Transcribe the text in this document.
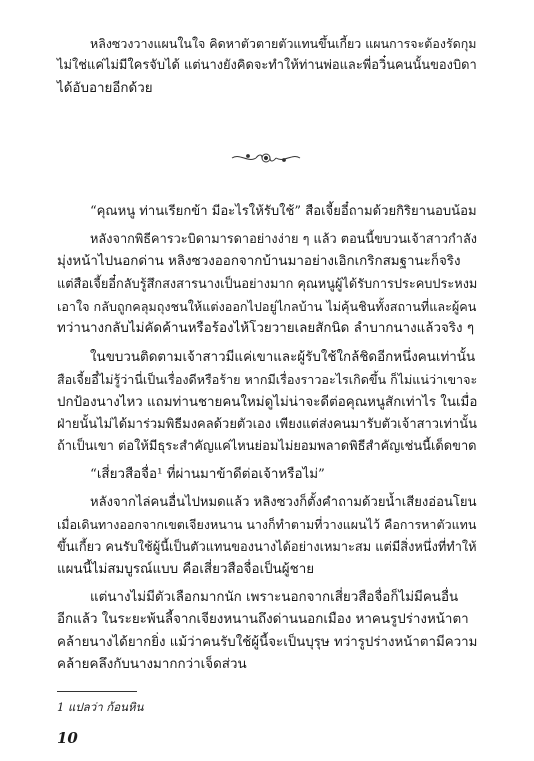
หลิงซวงวางแผนในใจ คิดหาตัวตายตัวแทนขึ้นเกี้ยว แผนการจะต้องรัดกุม
ไม่ใช่แค่ไม่มีใครจับได้ แต่นางยังคิดจะทำให้ท่านพ่อและพี่อวิ๋นคนนั้นของบิดา
ได้อับอายอีกด้วย
“คุณหนู ท่านเรียกข้า มีอะไรให้รับใช้” สือเจี้ยอี๋ถามด้วยกิริยานอบน้อม
หลังจากพิธีคารวะบิดามารดาอย่างง่าย ๆ แล้ว ตอนนี้ขบวนเจ้าสาวกำลัง
มุ่งหน้าไปนอกด่าน หลิงซวงออกจากบ้านมาอย่างเอิกเกริกสมฐานะก็จริง
แต่สือเจี้ยอี๋กลับรู้สึกสงสารนางเป็นอย่างมาก คุณหนูผู้ได้รับการประคบประหงม
เอาใจ กลับถูกคลุมถุงชนให้แต่งออกไปอยู่ไกลบ้าน ไม่คุ้นชินทั้งสถานที่และผู้คน
ทว่านางกลับไม่คัดค้านหรือร้องไห้โวยวายเลยสักนิด ลำบากนางแล้วจริง ๆ
ในขบวนติดตามเจ้าสาวมีแค่เขาและผู้รับใช้ใกล้ชิดอีกหนึ่งคนเท่านั้น
สือเจี้ยอี๋ไม่รู้ว่านี่เป็นเรื่องดีหรือร้าย หากมีเรื่องราวอะไรเกิดขึ้น ก็ไม่แน่ว่าเขาจะ
ปกป้องนางไหว แถมท่านชายคนใหม่ดูไม่น่าจะดีต่อคุณหนูสักเท่าไร ในเมื่อ
ฝ่ายนั้นไม่ได้มาร่วมพิธีมงคลด้วยตัวเอง เพียงแต่ส่งคนมารับตัวเจ้าสาวเท่านั้น
ถ้าเป็นเขา ต่อให้มีธุระสำคัญแค่ไหนย่อมไม่ยอมพลาดพิธีสำคัญเช่นนี้เด็ดขาด
“เสี่ยวสือจื่อ¹ ที่ผ่านมาข้าดีต่อเจ้าหรือไม่”
หลังจากไล่คนอื่นไปหมดแล้ว หลิงซวงก็ตั้งคำถามด้วยน้ำเสียงอ่อนโยน
เมื่อเดินทางออกจากเขตเจียงหนาน นางก็ทำตามที่วางแผนไว้ คือการหาตัวแทน
ขึ้นเกี้ยว คนรับใช้ผู้นี้เป็นตัวแทนของนางได้อย่างเหมาะสม แต่มีสิ่งหนึ่งที่ทำให้
แผนนี้ไม่สมบูรณ์แบบ คือเสี่ยวสือจื่อเป็นผู้ชาย
แต่นางไม่มีตัวเลือกมากนัก เพราะนอกจากเสี่ยวสือจื่อก็ไม่มีคนอื่น
อีกแล้ว ในระยะพ้นลี้จากเจียงหนานถึงด่านนอกเมือง หาคนรูปร่างหน้าตา
คล้ายนางได้ยากยิ่ง แม้ว่าคนรับใช้ผู้นี้จะเป็นบุรุษ ทว่ารูปร่างหน้าตามีความ
คล้ายคลึงกับนางมากกว่าเจ็ดส่วน
1 แปลว่า ก้อนหิน
10
